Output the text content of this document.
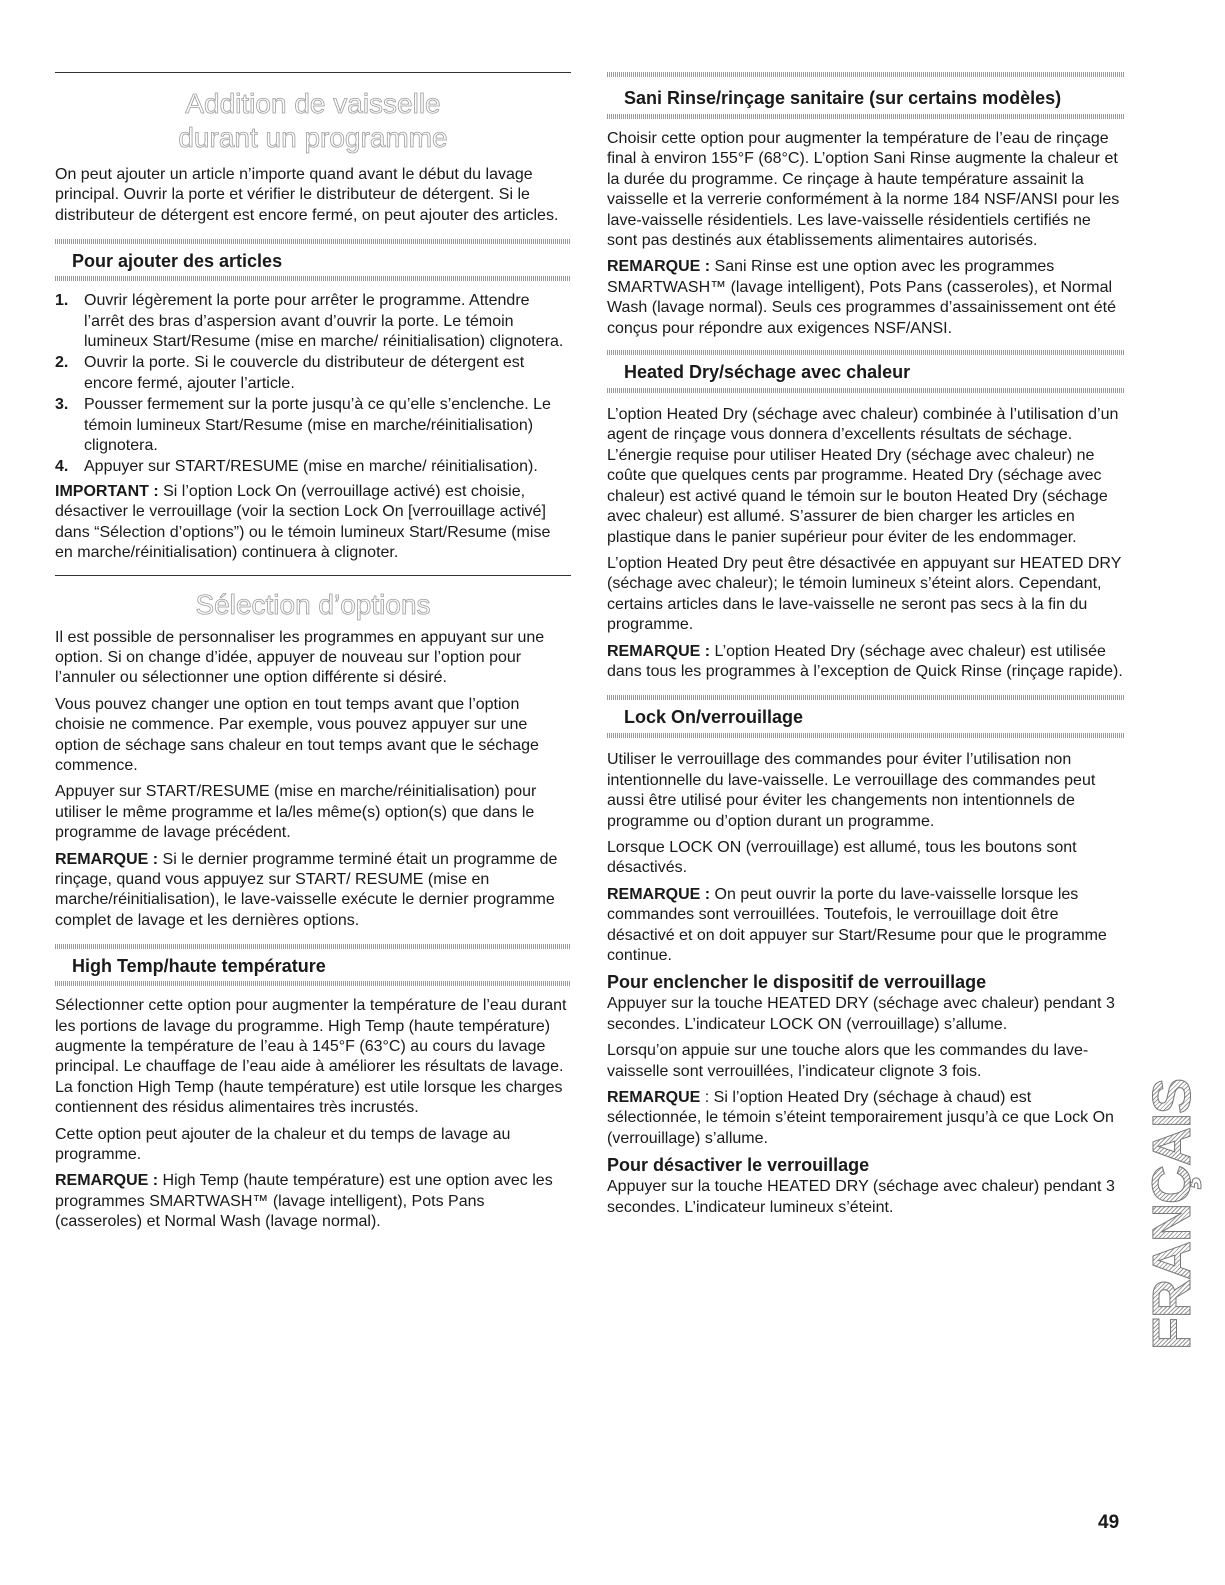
Addition de vaisselle
durant un programme

On peut ajouter un article n’importe quand avant le début du lavage principal. Ouvrir la porte et vérifier le distributeur de détergent. Si le distributeur de détergent est encore fermé, on peut ajouter des articles.

Pour ajouter des articles
1. Ouvrir légèrement la porte pour arrêter le programme. Attendre l’arrêt des bras d’aspersion avant d’ouvrir la porte. Le témoin lumineux Start/Resume (mise en marche/ réinitialisation) clignotera.
2. Ouvrir la porte. Si le couvercle du distributeur de détergent est encore fermé, ajouter l’article.
3. Pousser fermement sur la porte jusqu’à ce qu’elle s’enclenche. Le témoin lumineux Start/Resume (mise en marche/réinitialisation) clignotera.
4. Appuyer sur START/RESUME (mise en marche/ réinitialisation).

IMPORTANT : Si l’option Lock On (verrouillage activé) est choisie, désactiver le verrouillage (voir la section Lock On [verrouillage activé] dans “Sélection d’options”) ou le témoin lumineux Start/Resume (mise en marche/réinitialisation) continuera à clignoter.

Sélection d’options

Il est possible de personnaliser les programmes en appuyant sur une option. Si on change d’idée, appuyer de nouveau sur l’option pour l’annuler ou sélectionner une option différente si désiré.

Vous pouvez changer une option en tout temps avant que l’option choisie ne commence. Par exemple, vous pouvez appuyer sur une option de séchage sans chaleur en tout temps avant que le séchage commence.

Appuyer sur START/RESUME (mise en marche/réinitialisation) pour utiliser le même programme et la/les même(s) option(s) que dans le programme de lavage précédent.

REMARQUE : Si le dernier programme terminé était un programme de rinçage, quand vous appuyez sur START/ RESUME (mise en marche/réinitialisation), le lave-vaisselle exécute le dernier programme complet de lavage et les dernières options.

High Temp/haute température

Sélectionner cette option pour augmenter la température de l’eau durant les portions de lavage du programme. High Temp (haute température) augmente la température de l’eau à 145°F (63°C) au cours du lavage principal. Le chauffage de l’eau aide à améliorer les résultats de lavage. La fonction High Temp (haute température) est utile lorsque les charges contiennent des résidus alimentaires très incrustés.

Cette option peut ajouter de la chaleur et du temps de lavage au programme.

REMARQUE : High Temp (haute température) est une option avec les programmes SMARTWASH™ (lavage intelligent), Pots Pans (casseroles) et Normal Wash (lavage normal).

Sani Rinse/rinçage sanitaire (sur certains modèles)

Choisir cette option pour augmenter la température de l’eau de rinçage final à environ 155°F (68°C). L’option Sani Rinse augmente la chaleur et la durée du programme. Ce rinçage à haute température assainit la vaisselle et la verrerie conformément à la norme 184 NSF/ANSI pour les lave-vaisselle résidentiels. Les lave-vaisselle résidentiels certifiés ne sont pas destinés aux établissements alimentaires autorisés.

REMARQUE : Sani Rinse est une option avec les programmes SMARTWASH™ (lavage intelligent), Pots Pans (casseroles), et Normal Wash (lavage normal). Seuls ces programmes d’assainissement ont été conçus pour répondre aux exigences NSF/ANSI.

Heated Dry/séchage avec chaleur

L’option Heated Dry (séchage avec chaleur) combinée à l’utilisation d’un agent de rinçage vous donnera d’excellents résultats de séchage. L’énergie requise pour utiliser Heated Dry (séchage avec chaleur) ne coûte que quelques cents par programme. Heated Dry (séchage avec chaleur) est activé quand le témoin sur le bouton Heated Dry (séchage avec chaleur) est allumé. S’assurer de bien charger les articles en plastique dans le panier supérieur pour éviter de les endommager.

L’option Heated Dry peut être désactivée en appuyant sur HEATED DRY (séchage avec chaleur); le témoin lumineux s’éteint alors. Cependant, certains articles dans le lave-vaisselle ne seront pas secs à la fin du programme.

REMARQUE : L’option Heated Dry (séchage avec chaleur) est utilisée dans tous les programmes à l’exception de Quick Rinse (rinçage rapide).

Lock On/verrouillage

Utiliser le verrouillage des commandes pour éviter l’utilisation non intentionnelle du lave-vaisselle. Le verrouillage des commandes peut aussi être utilisé pour éviter les changements non intentionnels de programme ou d’option durant un programme.

Lorsque LOCK ON (verrouillage) est allumé, tous les boutons sont désactivés.

REMARQUE : On peut ouvrir la porte du lave-vaisselle lorsque les commandes sont verrouillées. Toutefois, le verrouillage doit être désactivé et on doit appuyer sur Start/Resume pour que le programme continue.

Pour enclencher le dispositif de verrouillage

Appuyer sur la touche HEATED DRY (séchage avec chaleur) pendant 3 secondes. L’indicateur LOCK ON (verrouillage) s’allume.

Lorsqu’on appuie sur une touche alors que les commandes du lave-vaisselle sont verrouillées, l’indicateur clignote 3 fois.

REMARQUE : Si l’option Heated Dry (séchage à chaud) est sélectionnée, le témoin s’éteint temporairement jusqu’à ce que Lock On (verrouillage) s’allume.

Pour désactiver le verrouillage

Appuyer sur la touche HEATED DRY (séchage avec chaleur) pendant 3 secondes. L’indicateur lumineux s’éteint.	FRANÇAIS

49
